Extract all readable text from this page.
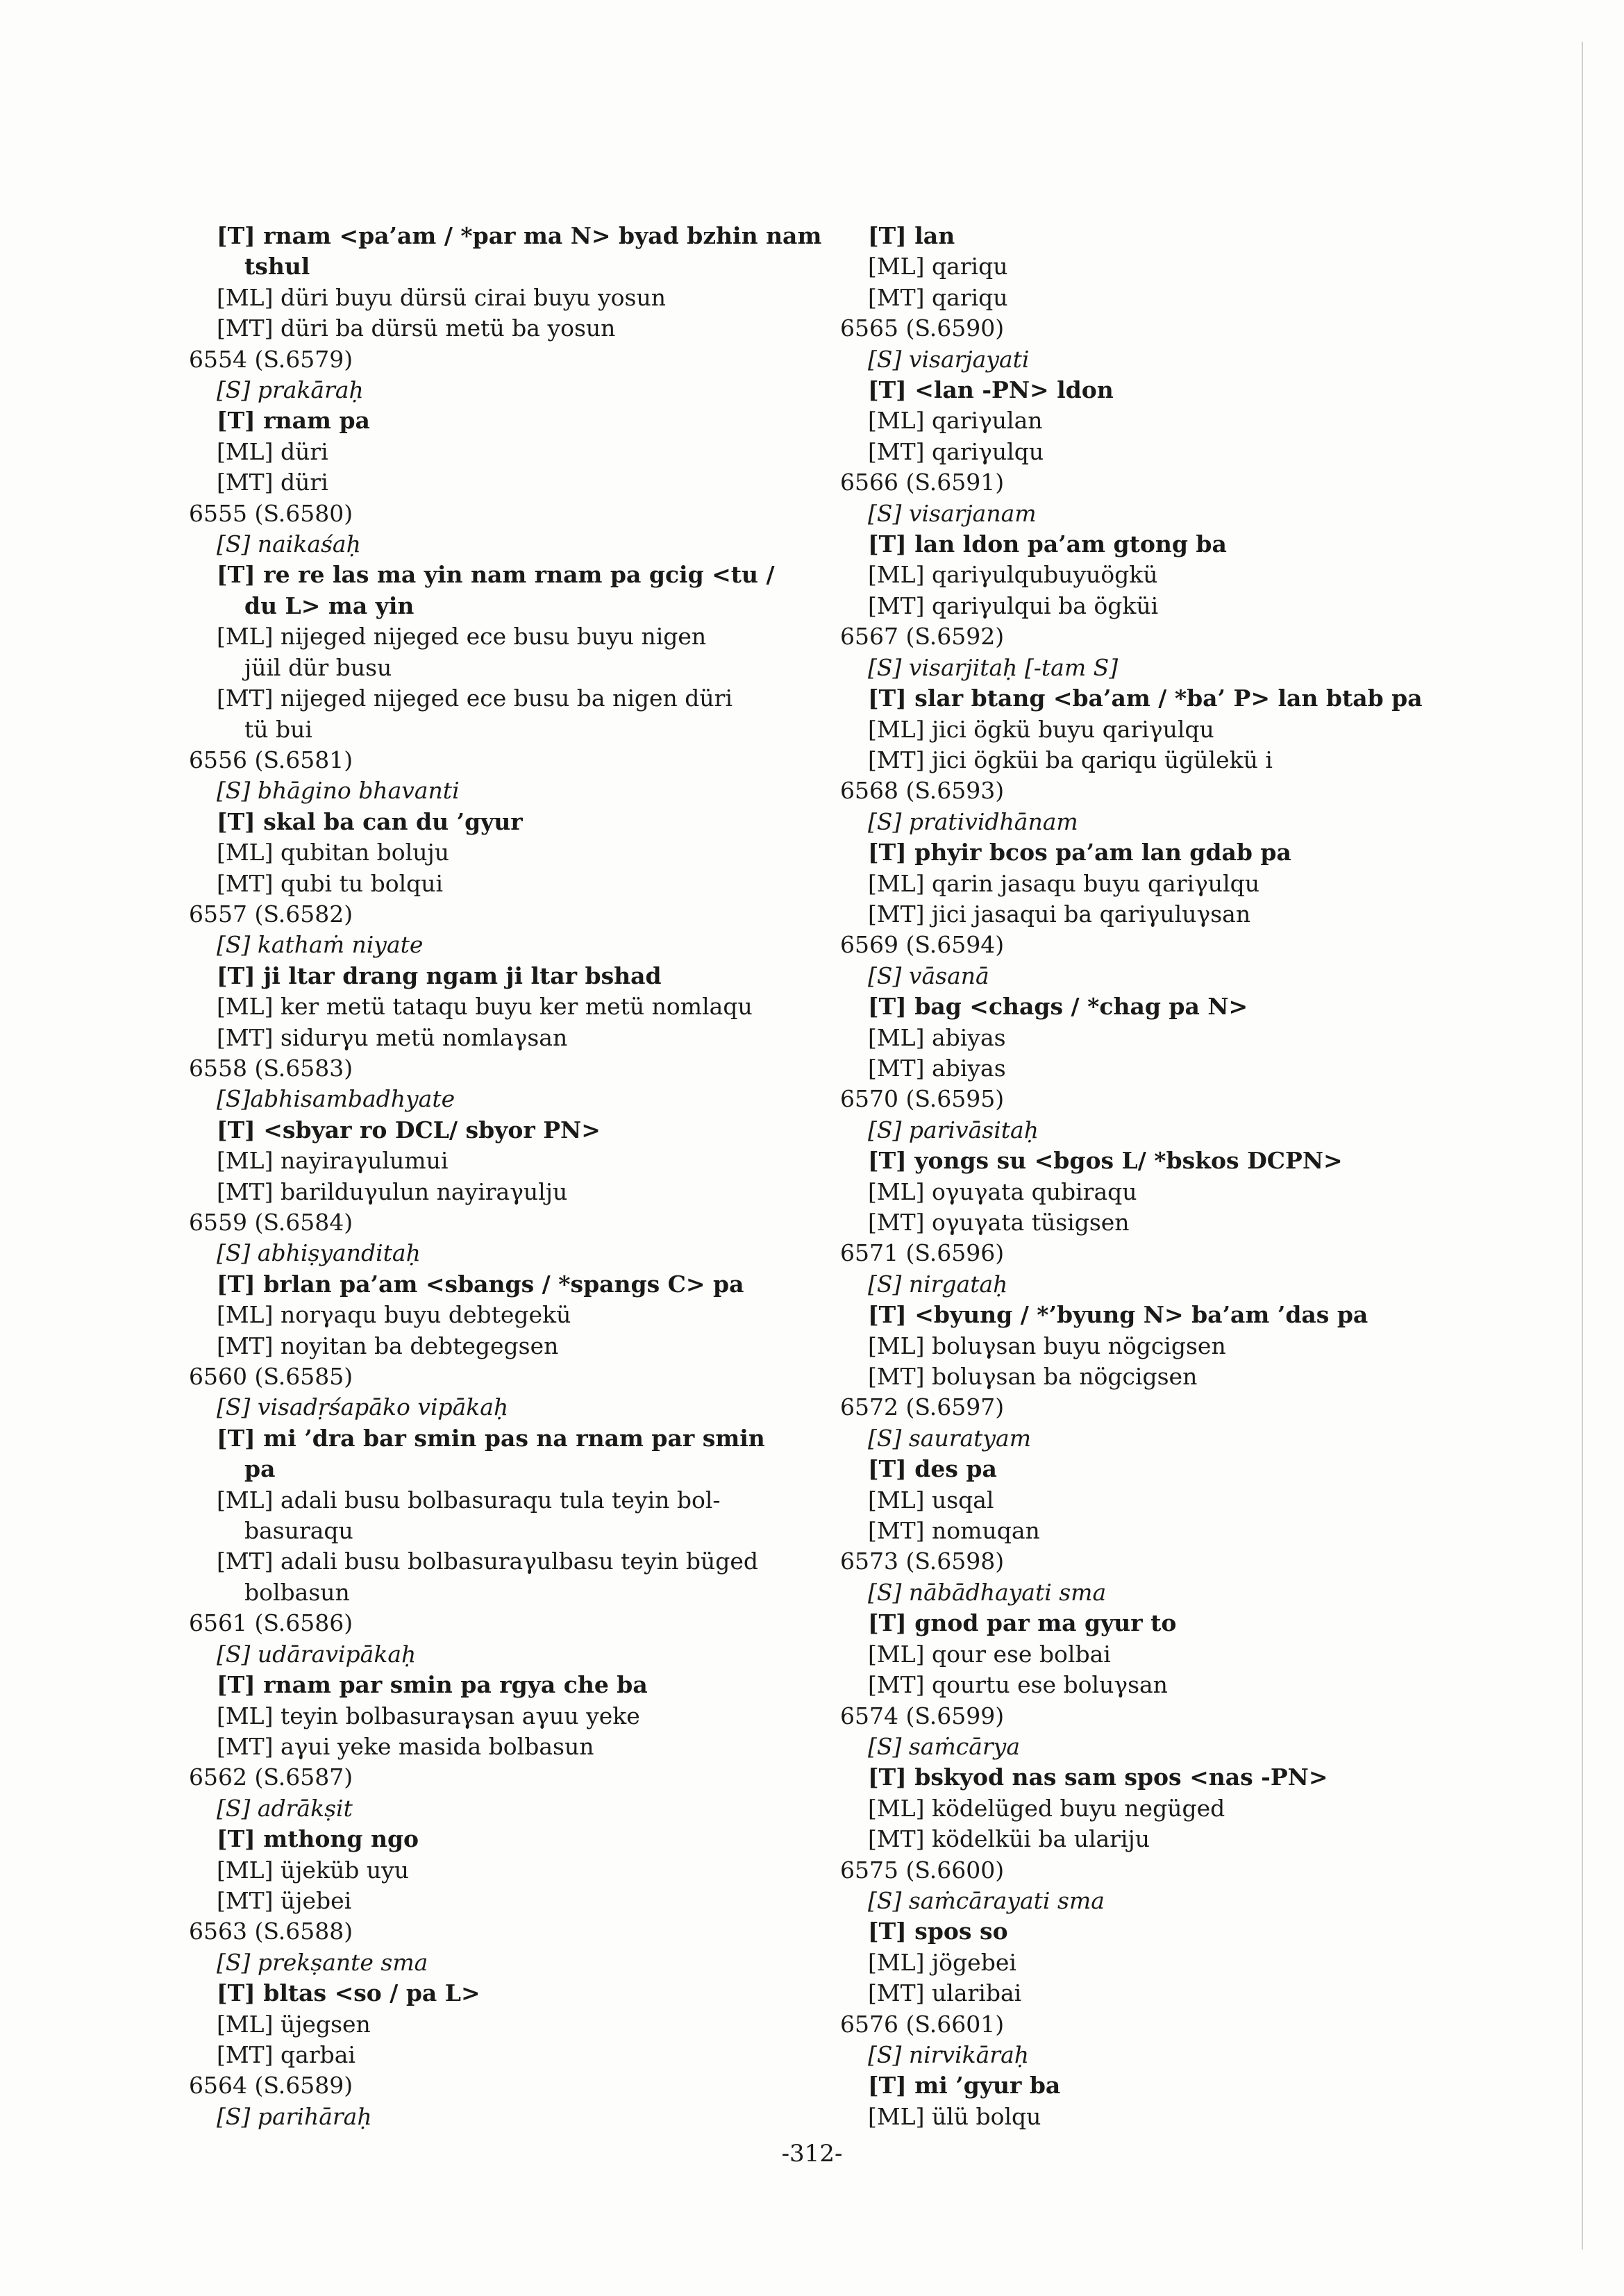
[T] rnam <pa’am / *par ma N> byad bzhin nam
tshul
[ML] düri buyu dürsü cirai buyu yosun
[MT] düri ba dürsü metü ba yosun
6554 (S.6579)
[S] prakāraḥ
[T] rnam pa
[ML] düri
[MT] düri
6555 (S.6580)
[S] naikaśaḥ
[T] re re las ma yin nam rnam pa gcig <tu /
du L> ma yin
[ML] nijeged nijeged ece busu buyu nigen
jüil dür busu
[MT] nijeged nijeged ece busu ba nigen düri
tü bui
6556 (S.6581)
[S] bhāgino bhavanti
[T] skal ba can du ’gyur
[ML] qubitan boluju
[MT] qubi tu bolqui
6557 (S.6582)
[S] kathaṁ niyate
[T] ji ltar drang ngam ji ltar bshad
[ML] ker metü tataqu buyu ker metü nomlaqu
[MT] sidurγu metü nomlaγsan
6558 (S.6583)
[S]abhisambadhyate
[T] <sbyar ro DCL/ sbyor PN>
[ML] nayiraγulumui
[MT] barilduγulun nayiraγulju
6559 (S.6584)
[S] abhiṣyanditaḥ
[T] brlan pa’am <sbangs / *spangs C> pa
[ML] norγaqu buyu debtegekü
[MT] noyitan ba debtegegsen
6560 (S.6585)
[S] visadṛśapāko vipākaḥ
[T] mi ’dra bar smin pas na rnam par smin
pa
[ML] adali busu bolbasuraqu tula teyin bol-
basuraqu
[MT] adali busu bolbasuraγulbasu teyin büged
bolbasun
6561 (S.6586)
[S] udāravipākaḥ
[T] rnam par smin pa rgya che ba
[ML] teyin bolbasuraγsan aγuu yeke
[MT] aγui yeke masida bolbasun
6562 (S.6587)
[S] adrākṣit
[T] mthong ngo
[ML] üjeküb uyu
[MT] üjebei
6563 (S.6588)
[S] prekṣante sma
[T] bltas <so / pa L>
[ML] üjegsen
[MT] qarbai
6564 (S.6589)
[S] parihāraḥ
[T] lan
[ML] qariqu
[MT] qariqu
6565 (S.6590)
[S] visarjayati
[T] <lan -PN> ldon
[ML] qariγulan
[MT] qariγulqu
6566 (S.6591)
[S] visarjanam
[T] lan ldon pa’am gtong ba
[ML] qariγulqubuyuögkü
[MT] qariγulqui ba ögküi
6567 (S.6592)
[S] visarjitaḥ [-tam S]
[T] slar btang <ba’am / *ba’ P> lan btab pa
[ML] jici ögkü buyu qariγulqu
[MT] jici ögküi ba qariqu ügülekü i
6568 (S.6593)
[S] pratividhānam
[T] phyir bcos pa’am lan gdab pa
[ML] qarin jasaqu buyu qariγulqu
[MT] jici jasaqui ba qariγuluγsan
6569 (S.6594)
[S] vāsanā
[T] bag <chags / *chag pa N>
[ML] abiyas
[MT] abiyas
6570 (S.6595)
[S] parivāsitaḥ
[T] yongs su <bgos L/ *bskos DCPN>
[ML] oγuγata qubiraqu
[MT] oγuγata tüsigsen
6571 (S.6596)
[S] nirgataḥ
[T] <byung / *’byung N> ba’am ’das pa
[ML] boluγsan buyu nögcigsen
[MT] boluγsan ba nögcigsen
6572 (S.6597)
[S] sauratyam
[T] des pa
[ML] usqal
[MT] nomuqan
6573 (S.6598)
[S] nābādhayati sma
[T] gnod par ma gyur to
[ML] qour ese bolbai
[MT] qourtu ese boluγsan
6574 (S.6599)
[S] saṁcārya
[T] bskyod nas sam spos <nas -PN>
[ML] ködelüged buyu negüged
[MT] ködelküi ba ulariju
6575 (S.6600)
[S] saṁcārayati sma
[T] spos so
[ML] jögebei
[MT] ularibai
6576 (S.6601)
[S] nirvikāraḥ
[T] mi ’gyur ba
[ML] ülü bolqu
-312-
